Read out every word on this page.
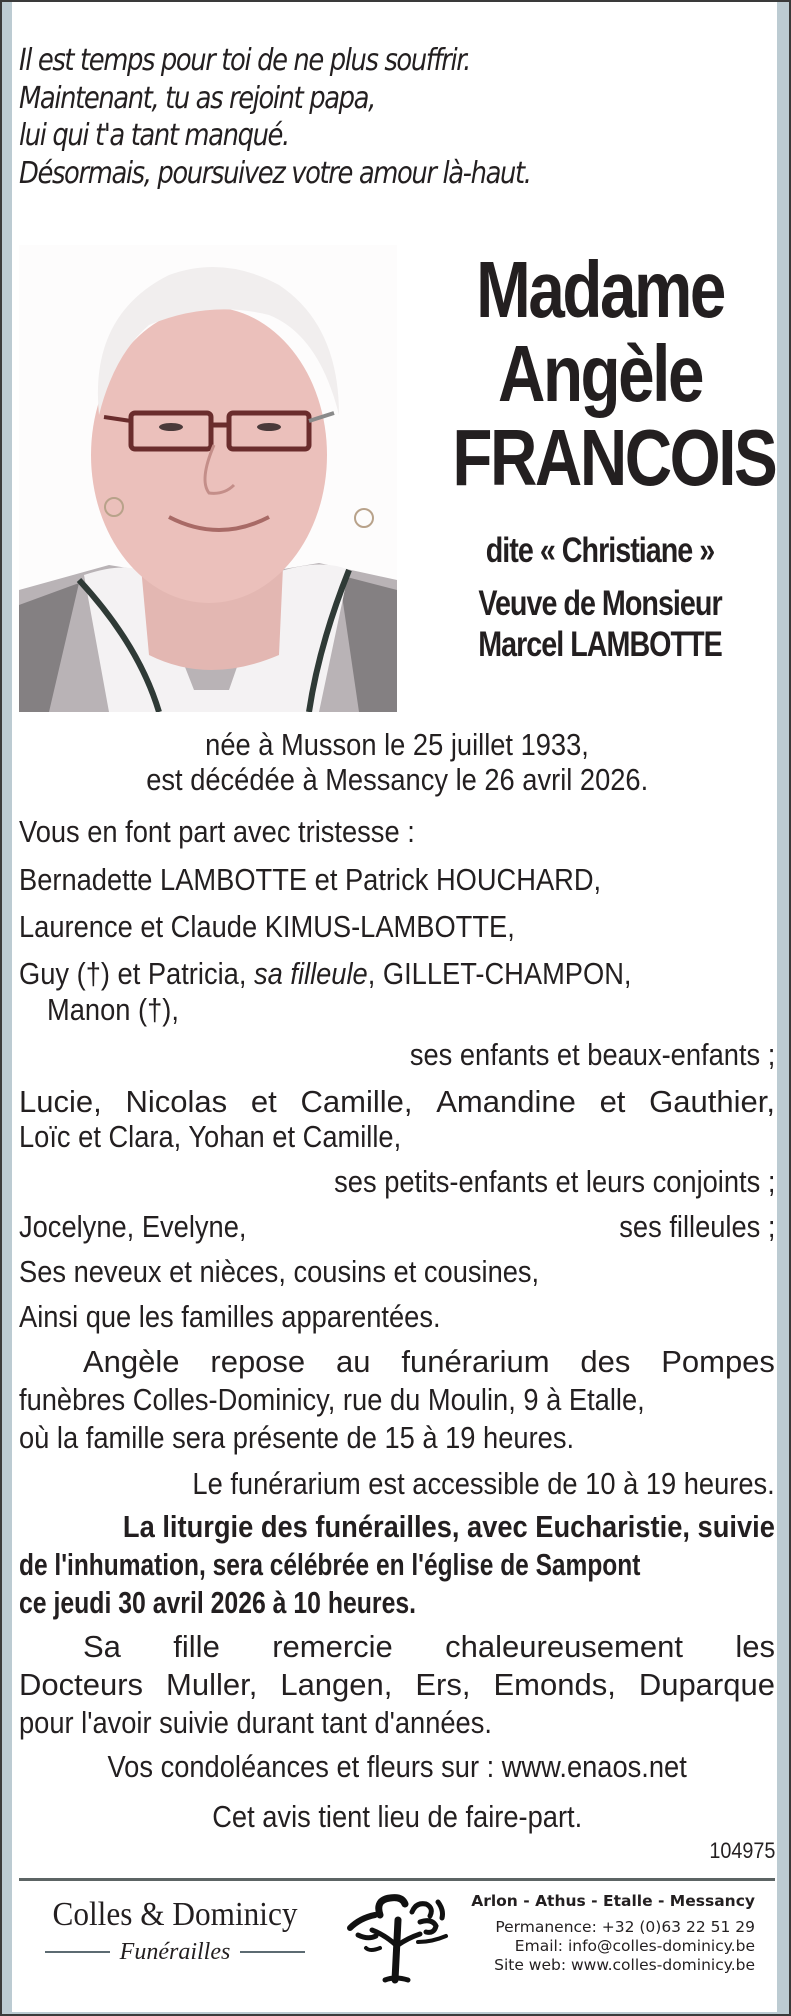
Il est temps pour toi de ne plus souffrir.
Maintenant, tu as rejoint papa,
lui qui t'a tant manqué.
Désormais, poursuivez votre amour là-haut.
Madame
Angèle
FRANCOIS
dite « Christiane »
Veuve de Monsieur
Marcel LAMBOTTE
née à Musson le 25 juillet 1933,
est décédée à Messancy le 26 avril 2026.
Vous en font part avec tristesse :
Bernadette LAMBOTTE et Patrick HOUCHARD,
Laurence et Claude KIMUS-LAMBOTTE,
Guy (†) et Patricia, sa filleule, GILLET-CHAMPON,
Manon (†),
ses enfants et beaux-enfants ;
Lucie, Nicolas et Camille, Amandine et Gauthier,
Loïc et Clara, Yohan et Camille,
ses petits-enfants et leurs conjoints ;
Jocelyne, Evelyne,	ses filleules ;
Ses neveux et nièces, cousins et cousines,
Ainsi que les familles apparentées.
Angèle repose au funérarium des Pompes
funèbres Colles-Dominicy, rue du Moulin, 9 à Etalle,
où la famille sera présente de 15 à 19 heures.
Le funérarium est accessible de 10 à 19 heures.
La liturgie des funérailles, avec Eucharistie, suivie
de l'inhumation, sera célébrée en l'église de Sampont
ce jeudi 30 avril 2026 à 10 heures.
Sa fille remercie chaleureusement les
Docteurs Muller, Langen, Ers, Emonds, Duparque
pour l'avoir suivie durant tant d'années.
Vos condoléances et fleurs sur : www.enaos.net
Cet avis tient lieu de faire-part.
104975
Colles & Dominicy
Funérailles
Arlon - Athus - Etalle - Messancy
Permanence: +32 (0)63 22 51 29
Email: info@colles-dominicy.be
Site web: www.colles-dominicy.be
